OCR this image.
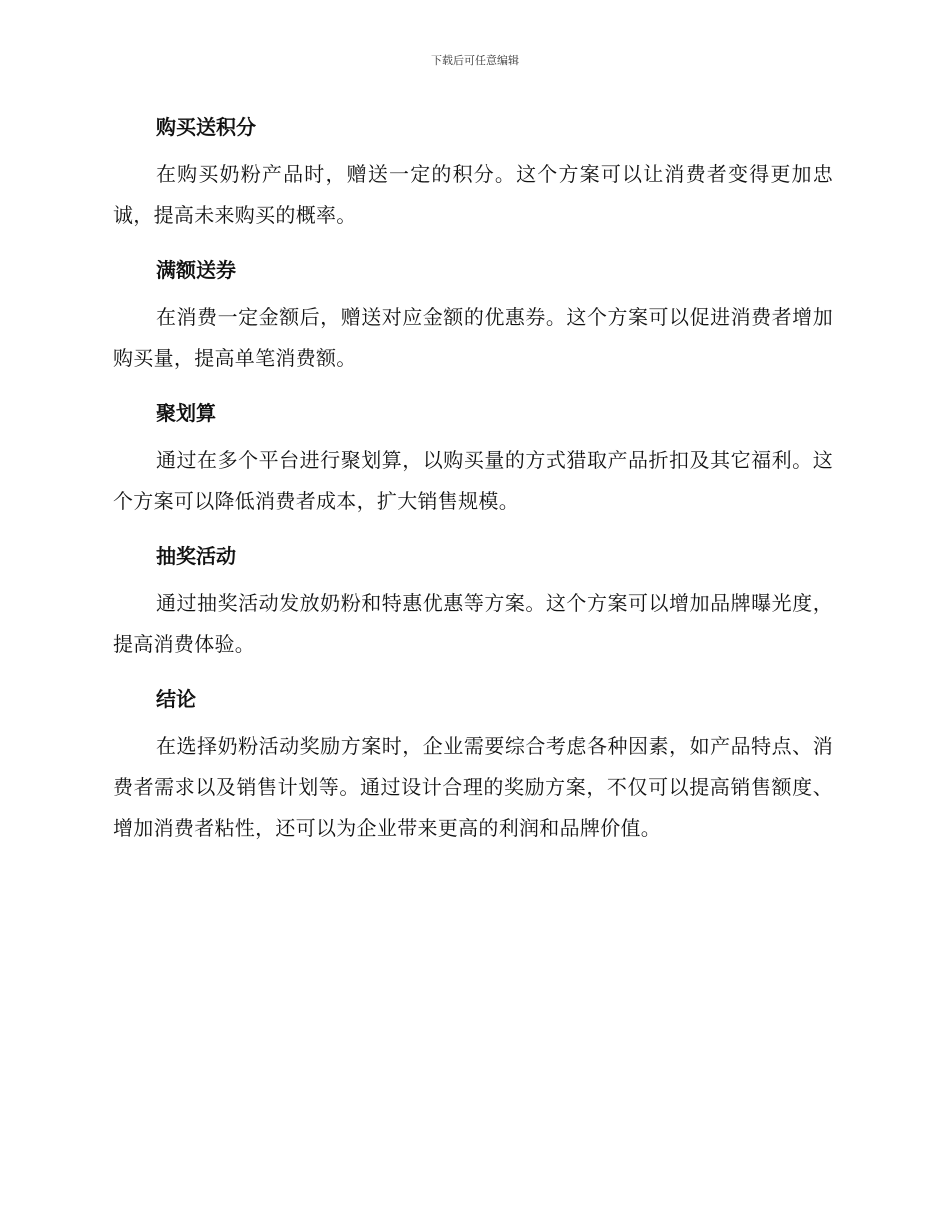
下载后可任意编辑
购买送积分

在购买奶粉产品时，赠送一定的积分。这个方案可以让消费者变得更加忠诚，提高未来购买的概率。

满额送券

在消费一定金额后，赠送对应金额的优惠券。这个方案可以促进消费者增加购买量，提高单笔消费额。

聚划算

通过在多个平台进行聚划算，以购买量的方式猎取产品折扣及其它福利。这个方案可以降低消费者成本，扩大销售规模。

抽奖活动

通过抽奖活动发放奶粉和特惠优惠等方案。这个方案可以增加品牌曝光度，提高消费体验。

结论

在选择奶粉活动奖励方案时，企业需要综合考虑各种因素，如产品特点、消费者需求以及销售计划等。通过设计合理的奖励方案，不仅可以提高销售额度、增加消费者粘性，还可以为企业带来更高的利润和品牌价值。
